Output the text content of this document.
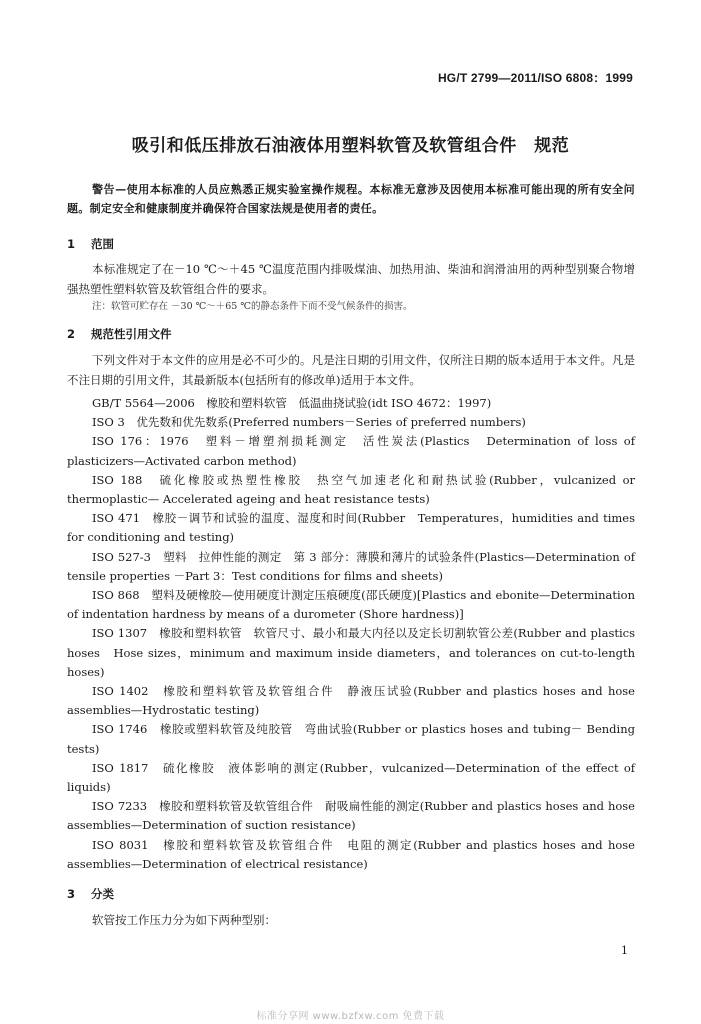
HG/T 2799—2011/ISO 6808：1999
吸引和低压排放石油液体用塑料软管及软管组合件　规范
警告—使用本标准的人员应熟悉正规实验室操作规程。本标准无意涉及因使用本标准可能出现的所有安全问题。制定安全和健康制度并确保符合国家法规是使用者的责任。
1 范围
本标准规定了在－10 ℃～＋45 ℃温度范围内排吸煤油、加热用油、柴油和润滑油用的两种型别聚合物增强热塑性塑料软管及软管组合件的要求。
注：软管可贮存在 －30 ℃～＋65 ℃的静态条件下而不受气候条件的损害。
2 规范性引用文件
下列文件对于本文件的应用是必不可少的。凡是注日期的引用文件，仅所注日期的版本适用于本文件。凡是不注日期的引用文件，其最新版本(包括所有的修改单)适用于本文件。
GB/T 5564—2006　橡胶和塑料软管　低温曲挠试验(idt ISO 4672：1997)
ISO 3　优先数和优先数系(Preferred numbers－Series of preferred numbers)
ISO 176：1976　塑料－增塑剂损耗测定　活性炭法(Plastics　Determination of loss of plasticizers—Activated carbon method)
ISO 188　硫化橡胶或热塑性橡胶　热空气加速老化和耐热试验(Rubber，vulcanized or thermoplastic— Accelerated ageing and heat resistance tests)
ISO 471　橡胶－调节和试验的温度、湿度和时间(Rubber　Temperatures，humidities and times for conditioning and testing)
ISO 527-3　塑料　拉伸性能的测定　第 3 部分：薄膜和薄片的试验条件(Plastics—Determination of tensile properties －Part 3：Test conditions for films and sheets)
ISO 868　塑料及硬橡胶—使用硬度计测定压痕硬度(邵氏硬度)[Plastics and ebonite—Determination of indentation hardness by means of a durometer (Shore hardness)]
ISO 1307　橡胶和塑料软管　软管尺寸、最小和最大内径以及定长切割软管公差(Rubber and plastics hoses　Hose sizes，minimum and maximum inside diameters，and tolerances on cut-to-length hoses)
ISO 1402　橡胶和塑料软管及软管组合件　静液压试验(Rubber and plastics hoses and hose assemblies—Hydrostatic testing)
ISO 1746　橡胶或塑料软管及纯胶管　弯曲试验(Rubber or plastics hoses and tubing－ Bending tests)
ISO 1817　硫化橡胶　液体影响的测定(Rubber，vulcanized—Determination of the effect of liquids)
ISO 7233　橡胶和塑料软管及软管组合件　耐吸扁性能的测定(Rubber and plastics hoses and hose assemblies—Determination of suction resistance)
ISO 8031　橡胶和塑料软管及软管组合件　电阻的测定(Rubber and plastics hoses and hose assemblies—Determination of electrical resistance)
3 分类
软管按工作压力分为如下两种型别：
1
标准分享网 www.bzfxw.com 免费下载
